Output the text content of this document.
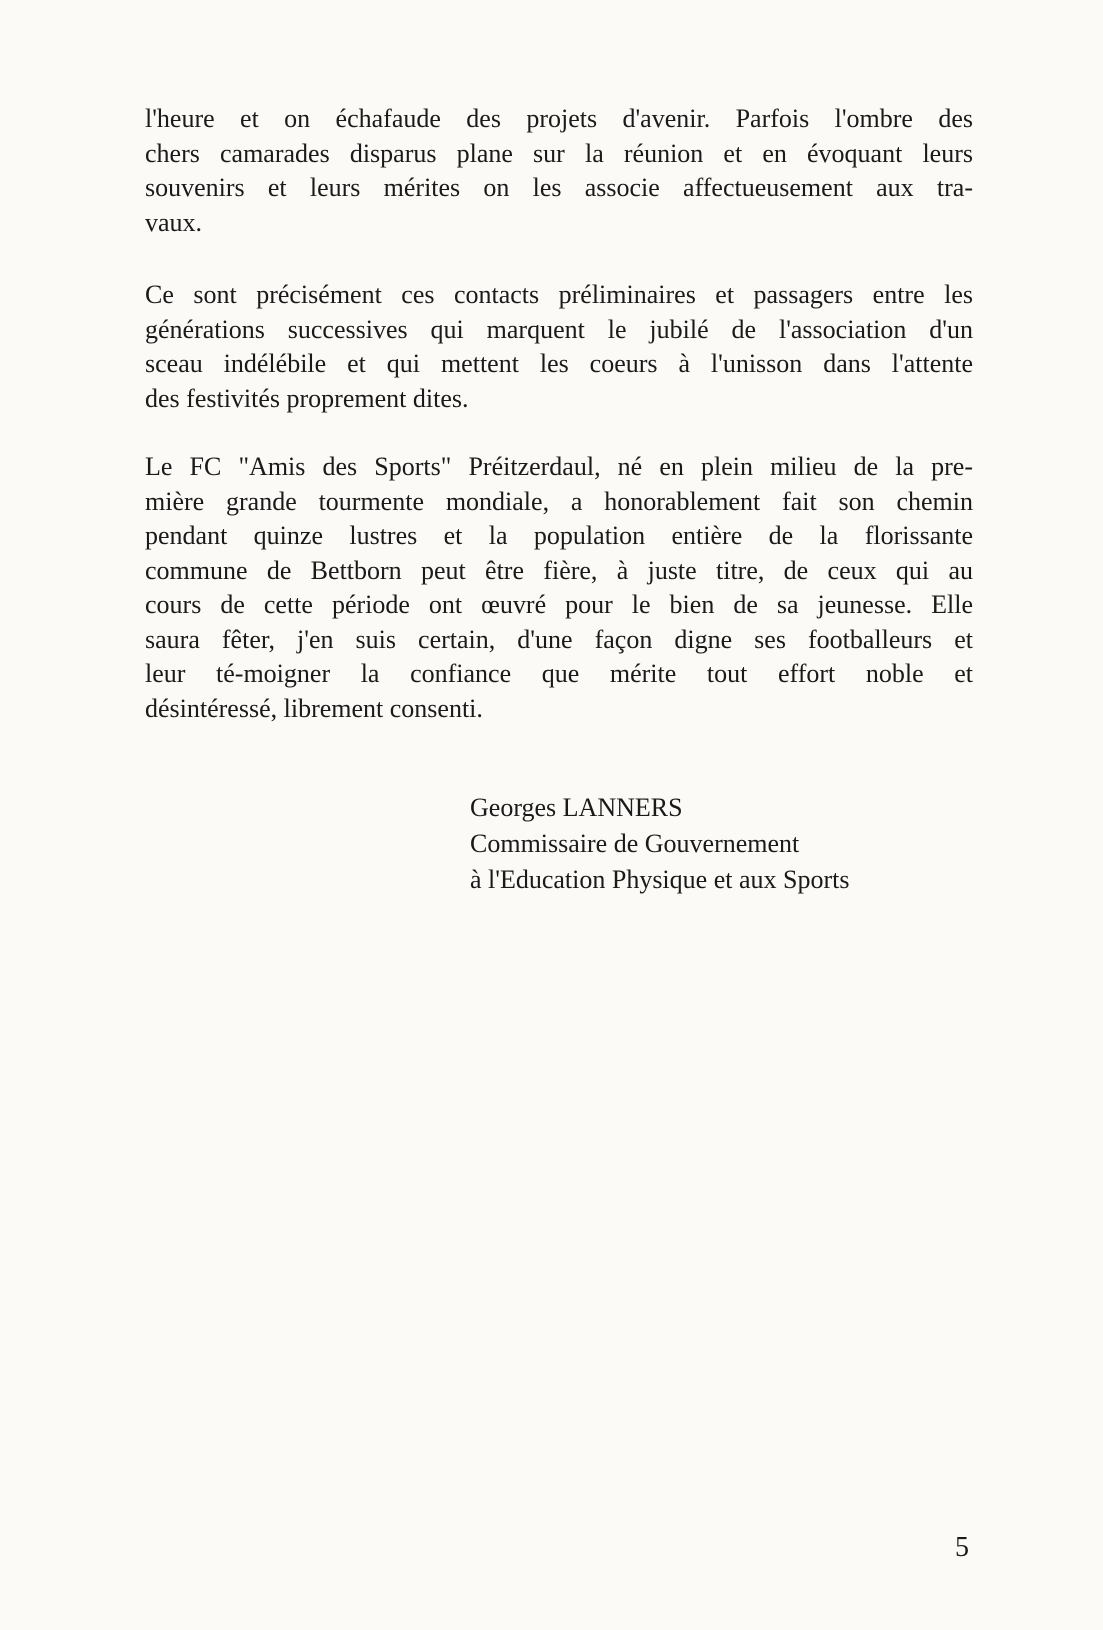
l'heure et on échafaude des projets d'avenir. Parfois l'ombre des
chers camarades disparus plane sur la réunion et en évoquant leurs
souvenirs et leurs mérites on les associe affectueusement aux tra-
vaux.
Ce sont précisément ces contacts préliminaires et passagers entre les
générations successives qui marquent le jubilé de l'association d'un
sceau indélébile et qui mettent les coeurs à l'unisson dans l'attente
des festivités proprement dites.
Le FC "Amis des Sports" Préitzerdaul, né en plein milieu de la pre-
mière grande tourmente mondiale, a honorablement fait son chemin
pendant quinze lustres et la population entière de la florissante
commune de Bettborn peut être fière, à juste titre, de ceux qui au
cours de cette période ont œuvré pour le bien de sa jeunesse. Elle
saura fêter, j'en suis certain, d'une façon digne ses footballeurs et
leur té-moigner la confiance que mérite tout effort noble et
désintéressé, librement consenti.
Georges LANNERS
Commissaire de Gouvernement
à l'Education Physique et aux Sports
5
